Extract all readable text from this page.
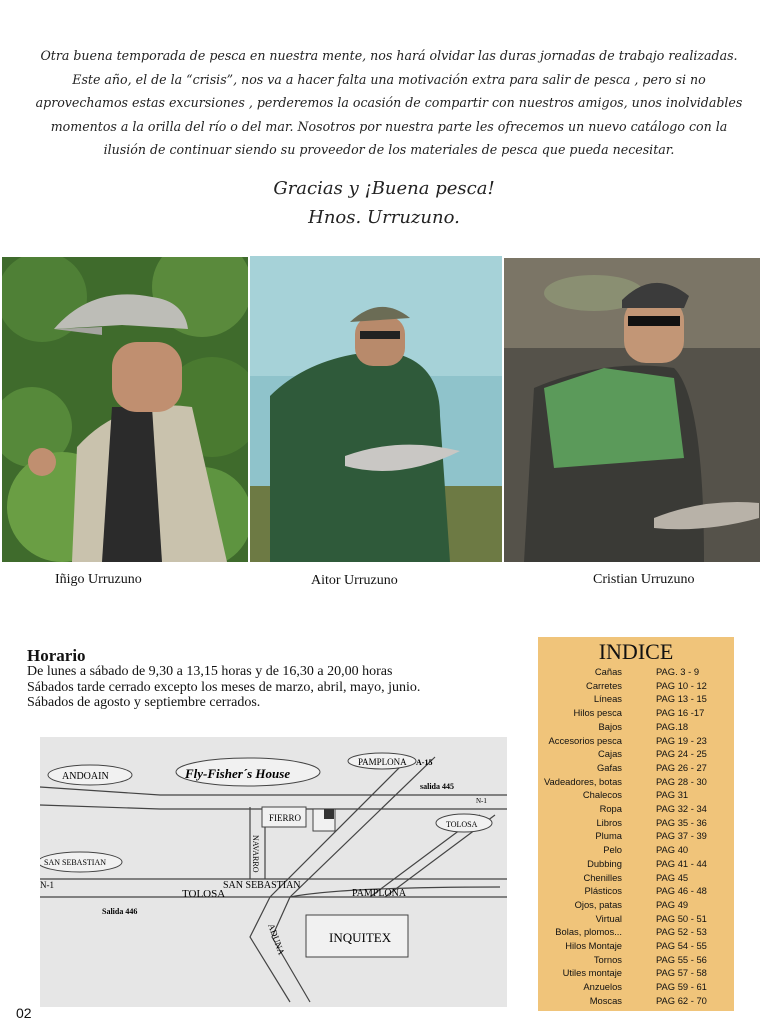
Otra buena temporada de pesca en nuestra mente, nos hará olvidar las duras jornadas de trabajo realizadas.
Este año, el de la “crisis”, nos va a hacer falta una motivación extra para salir de pesca , pero si no
aprovechamos estas excursiones , perderemos la ocasión de compartir con nuestros amigos, unos inolvidables
momentos a la orilla del río o del mar. Nosotros por nuestra parte les ofrecemos un nuevo catálogo con la
ilusión de continuar siendo su proveedor de los materiales de pesca que pueda necesitar.
Gracias y ¡Buena pesca!
Hnos. Urruzuno.
Iñigo Urruzuno	Aitor Urruzuno	Cristian Urruzuno
Horario
De lunes a sábado de 9,30 a 13,15 horas y de 16,30 a 20,00 horas
Sábados tarde cerrado excepto los meses de marzo, abril, mayo, junio.
Sábados de agosto y septiembre cerrados.
ANDOAIN	Fly-Fisher´s House
PAMPLONA A-15
salida 445
N-1
FIERRO
TOLOSA
SAN SEBASTIAN
N-1
NAVARRO
SAN SEBASTIAN
TOLOSA	PAMPLONA
Salida 446
ADUNA	INQUITEX
INDICE
Cañas	PAG. 3 - 9
Carretes	PAG 10 - 12
Líneas	PAG 13 - 15
Hilos pesca	PAG 16 -17
Bajos	PAG.18
Accesorios pesca	PAG 19 - 23
Cajas	PAG 24 - 25
Gafas	PAG 26 - 27
Vadeadores, botas	PAG 28 - 30
Chalecos	PAG 31
Ropa	PAG 32 - 34
Libros	PAG 35 - 36
Pluma	PAG 37 - 39
Pelo	PAG 40
Dubbing	PAG 41 - 44
Chenilles	PAG 45
Plásticos	PAG 46 - 48
Ojos, patas	PAG 49
Virtual	PAG 50 - 51
Bolas, plomos...	PAG 52 - 53
Hilos Montaje	PAG 54 - 55
Tornos	PAG 55 - 56
Utiles montaje	PAG 57 - 58
Anzuelos	PAG 59 - 61
Moscas	PAG 62 - 70
02
